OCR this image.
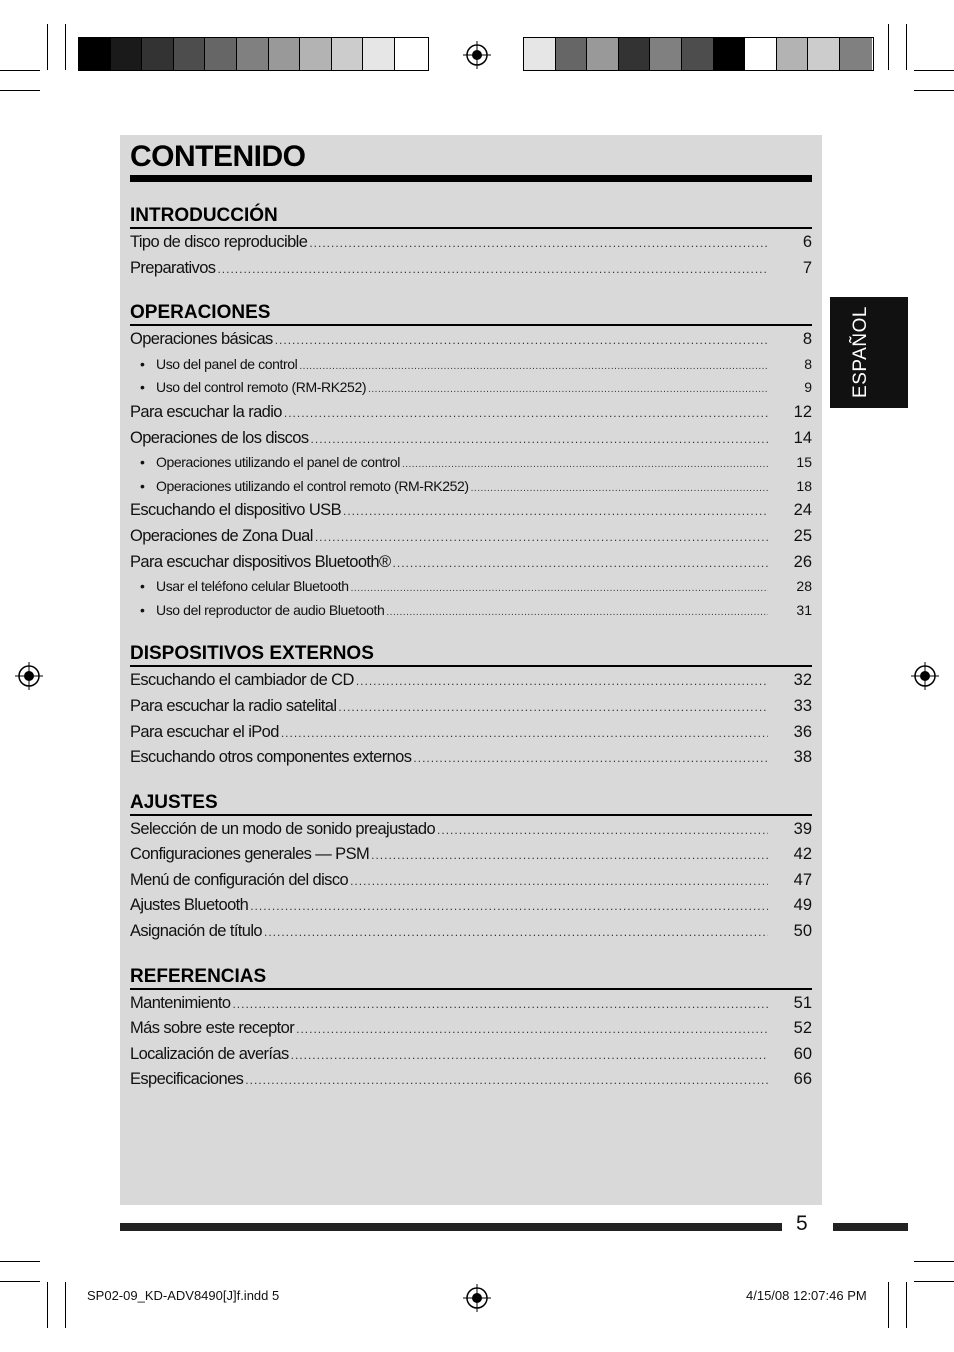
CONTENIDO
INTRODUCCIÓN
Tipo de disco reproducible .....	6
Preparativos .....	7
OPERACIONES
Operaciones básicas .....	8
• Uso del panel de control .....	8
• Uso del control remoto (RM-RK252) .....	9
Para escuchar la radio .....	12
Operaciones de los discos .....	14
• Operaciones utilizando el panel de control .....	15
• Operaciones utilizando el control remoto (RM-RK252) .....	18
Escuchando el dispositivo USB .....	24
Operaciones de Zona Dual .....	25
Para escuchar dispositivos Bluetooth® .....	26
• Usar el teléfono celular Bluetooth .....	28
• Uso del reproductor de audio Bluetooth .....	31
DISPOSITIVOS EXTERNOS
Escuchando el cambiador de CD .....	32
Para escuchar la radio satelital .....	33
Para escuchar el iPod .....	36
Escuchando otros componentes externos .....	38
AJUSTES
Selección de un modo de sonido preajustado .....	39
Configuraciones generales — PSM .....	42
Menú de configuración del disco .....	47
Ajustes Bluetooth .....	49
Asignación de título .....	50
REFERENCIAS
Mantenimiento .....	51
Más sobre este receptor .....	52
Localización de averías .....	60
Especificaciones .....	66
ESPAÑOL
5
SP02-09_KD-ADV8490[J]f.indd 5	4/15/08 12:07:46 PM
